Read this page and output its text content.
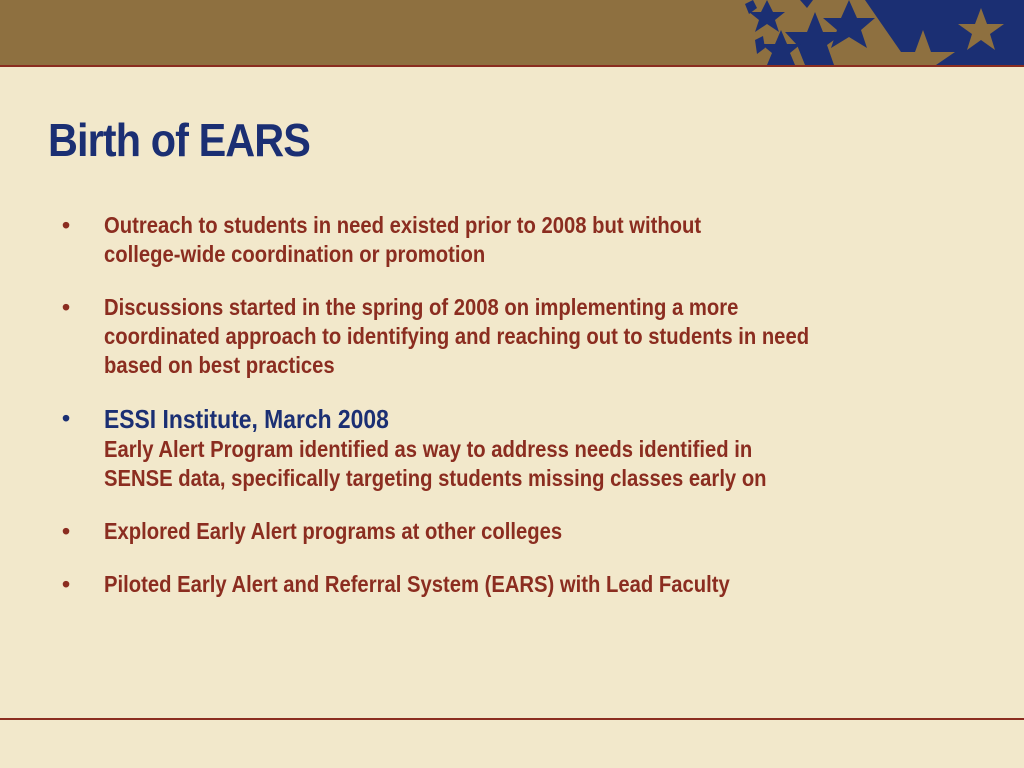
Birth of EARS
• Outreach to students in need existed prior to 2008 but without
college-wide coordination or promotion
• Discussions started in the spring of 2008 on implementing a more
coordinated approach to identifying and reaching out to students in need
based on best practices
• ESSI Institute, March 2008
Early Alert Program identified as way to address needs identified in
SENSE data, specifically targeting students missing classes early on
• Explored Early Alert programs at other colleges
• Piloted Early Alert and Referral System (EARS) with Lead Faculty
